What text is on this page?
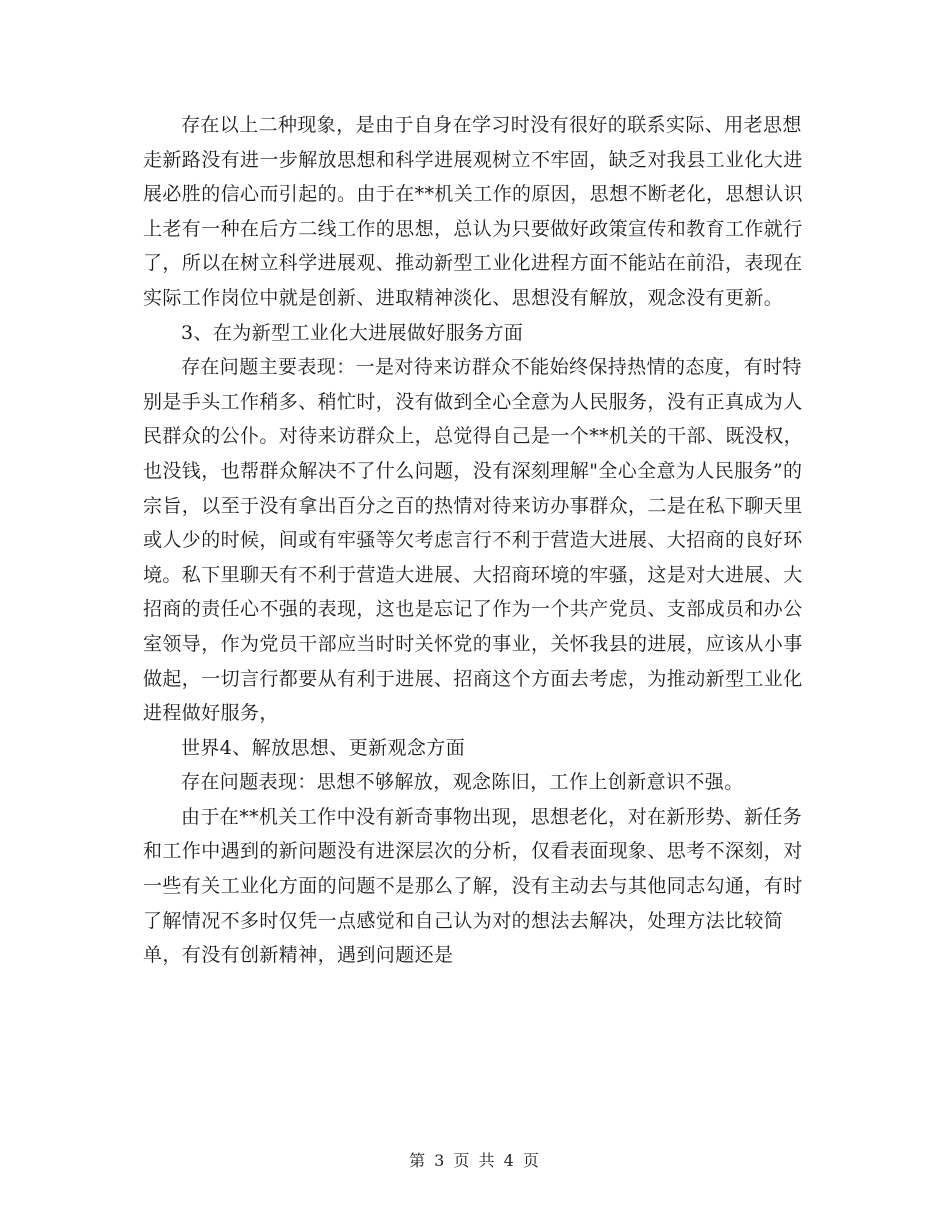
存在以上二种现象，是由于自身在学习时没有很好的联系实际、用老思想走新路没有进一步解放思想和科学进展观树立不牢固，缺乏对我县工业化大进展必胜的信心而引起的。由于在**机关工作的原因，思想不断老化，思想认识上老有一种在后方二线工作的思想，总认为只要做好政策宣传和教育工作就行了，所以在树立科学进展观、推动新型工业化进程方面不能站在前沿，表现在实际工作岗位中就是创新、进取精神淡化、思想没有解放，观念没有更新。

3、在为新型工业化大进展做好服务方面

存在问题主要表现：一是对待来访群众不能始终保持热情的态度，有时特别是手头工作稍多、稍忙时，没有做到全心全意为人民服务，没有正真成为人民群众的公仆。对待来访群众上，总觉得自己是一个**机关的干部、既没权，也没钱，也帮群众解决不了什么问题，没有深刻理解"全心全意为人民服务”的宗旨，以至于没有拿出百分之百的热情对待来访办事群众，二是在私下聊天里或人少的时候，间或有牢骚等欠考虑言行不利于营造大进展、大招商的良好环境。私下里聊天有不利于营造大进展、大招商环境的牢骚，这是对大进展、大招商的责任心不强的表现，这也是忘记了作为一个共产党员、支部成员和办公室领导，作为党员干部应当时时关怀党的事业，关怀我县的进展，应该从小事做起，一切言行都要从有利于进展、招商这个方面去考虑，为推动新型工业化进程做好服务，

世界4、解放思想、更新观念方面

存在问题表现：思想不够解放，观念陈旧，工作上创新意识不强。

由于在**机关工作中没有新奇事物出现，思想老化，对在新形势、新任务和工作中遇到的新问题没有进深层次的分析，仅看表面现象、思考不深刻，对一些有关工业化方面的问题不是那么了解，没有主动去与其他同志勾通，有时了解情况不多时仅凭一点感觉和自己认为对的想法去解决，处理方法比较简单，有没有创新精神，遇到问题还是

第 3 页 共 4 页
